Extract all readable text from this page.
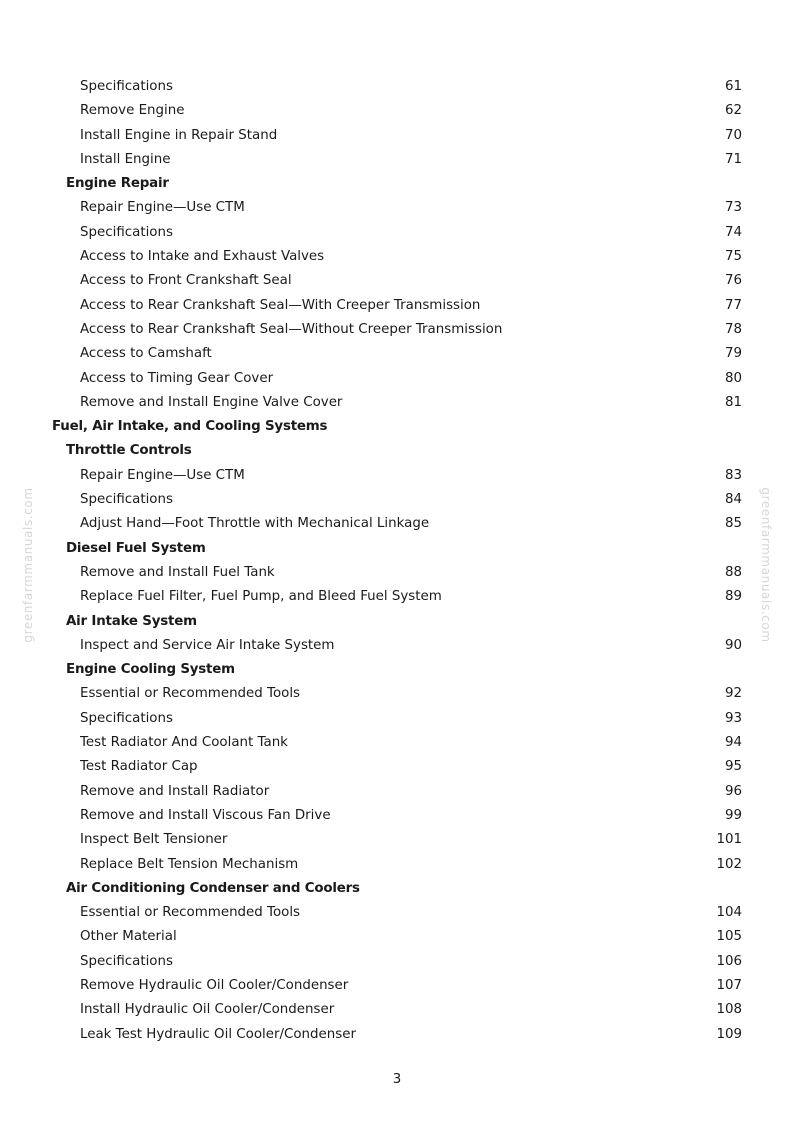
greenfarmmanuals.com	greenfarmmanuals.com
Specifications	61
Remove Engine	62
Install Engine in Repair Stand	70
Install Engine	71
Engine Repair
Repair Engine—Use CTM	73
Specifications	74
Access to Intake and Exhaust Valves	75
Access to Front Crankshaft Seal	76
Access to Rear Crankshaft Seal—With Creeper Transmission	77
Access to Rear Crankshaft Seal—Without Creeper Transmission	78
Access to Camshaft	79
Access to Timing Gear Cover	80
Remove and Install Engine Valve Cover	81
Fuel, Air Intake, and Cooling Systems
Throttle Controls
Repair Engine—Use CTM	83
Specifications	84
Adjust Hand—Foot Throttle with Mechanical Linkage	85
Diesel Fuel System
Remove and Install Fuel Tank	88
Replace Fuel Filter, Fuel Pump, and Bleed Fuel System	89
Air Intake System
Inspect and Service Air Intake System	90
Engine Cooling System
Essential or Recommended Tools	92
Specifications	93
Test Radiator And Coolant Tank	94
Test Radiator Cap	95
Remove and Install Radiator	96
Remove and Install Viscous Fan Drive	99
Inspect Belt Tensioner	101
Replace Belt Tension Mechanism	102
Air Conditioning Condenser and Coolers
Essential or Recommended Tools	104
Other Material	105
Specifications	106
Remove Hydraulic Oil Cooler/Condenser	107
Install Hydraulic Oil Cooler/Condenser	108
Leak Test Hydraulic Oil Cooler/Condenser	109
3
